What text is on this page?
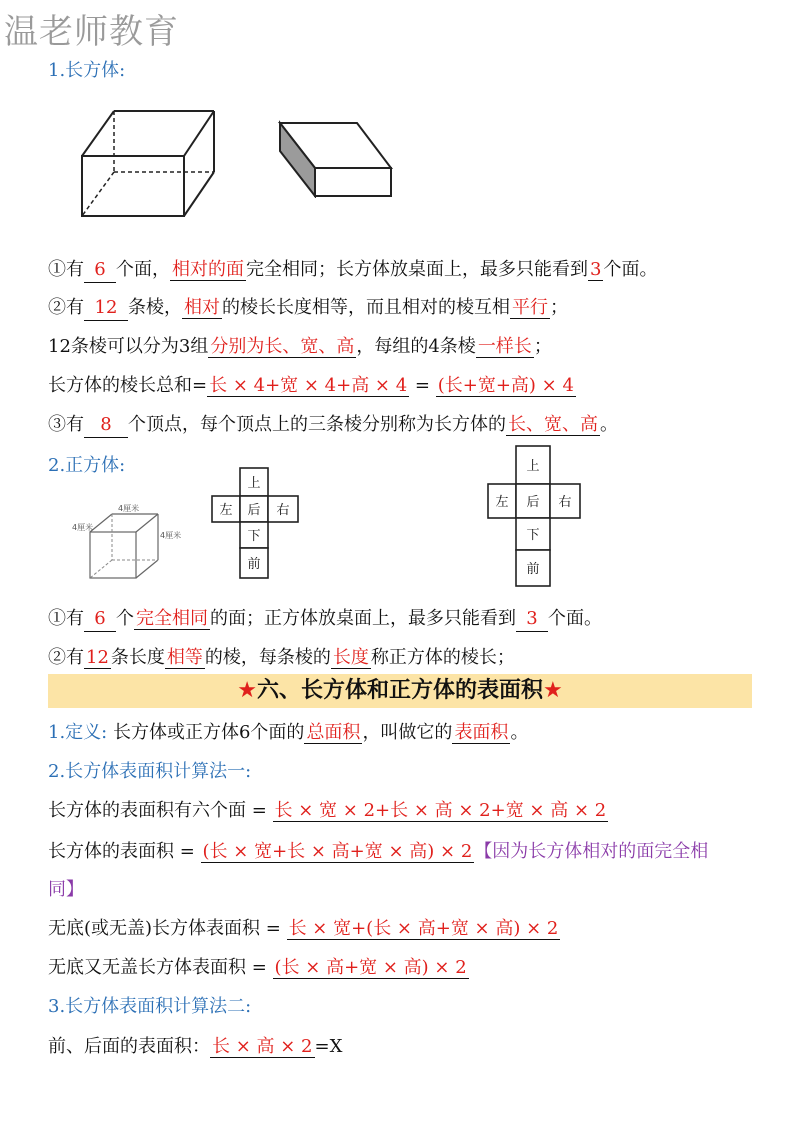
温老师教育
1.长方体:
①有 6 个面， 相对的面 完全相同；长方体放桌面上，最多只能看到 3 个面。
②有 12 条棱， 相对 的棱长长度相等，而且相对的棱互相 平行 ；
12条棱可以分为3组 分别为长、宽、高 ，每组的4条棱 一样长 ；
长方体的棱长总和= 长 × 4+宽 × 4+高 × 4 = (长+宽+高) × 4
③有 8 个顶点，每个顶点上的三条棱分别称为长方体的 长、宽、高 。
2.正方体:
4厘米
4厘米
4厘米
上
左 后 右
下
前
上
左 后 右
下
前
①有 6 个 完全相同 的面；正方体放桌面上，最多只能看到 3 个面。
②有 12 条长度 相等 的棱，每条棱的 长度 称正方体的棱长；
★六、长方体和正方体的表面积★
1.定义: 长方体或正方体6个面的 总面积 ，叫做它的 表面积 。
2.长方体表面积计算法一:
长方体的表面积有六个面 = 长 × 宽 × 2+长 × 高 × 2+宽 × 高 × 2
长方体的表面积 = (长 × 宽+长 × 高+宽 × 高) × 2 【因为长方体相对的面完全相
同】
无底(或无盖)长方体表面积 = 长 × 宽+(长 × 高+宽 × 高) × 2
无底又无盖长方体表面积 = (长 × 高+宽 × 高) × 2
3.长方体表面积计算法二:
前、后面的表面积： 长 × 高 × 2 =X
